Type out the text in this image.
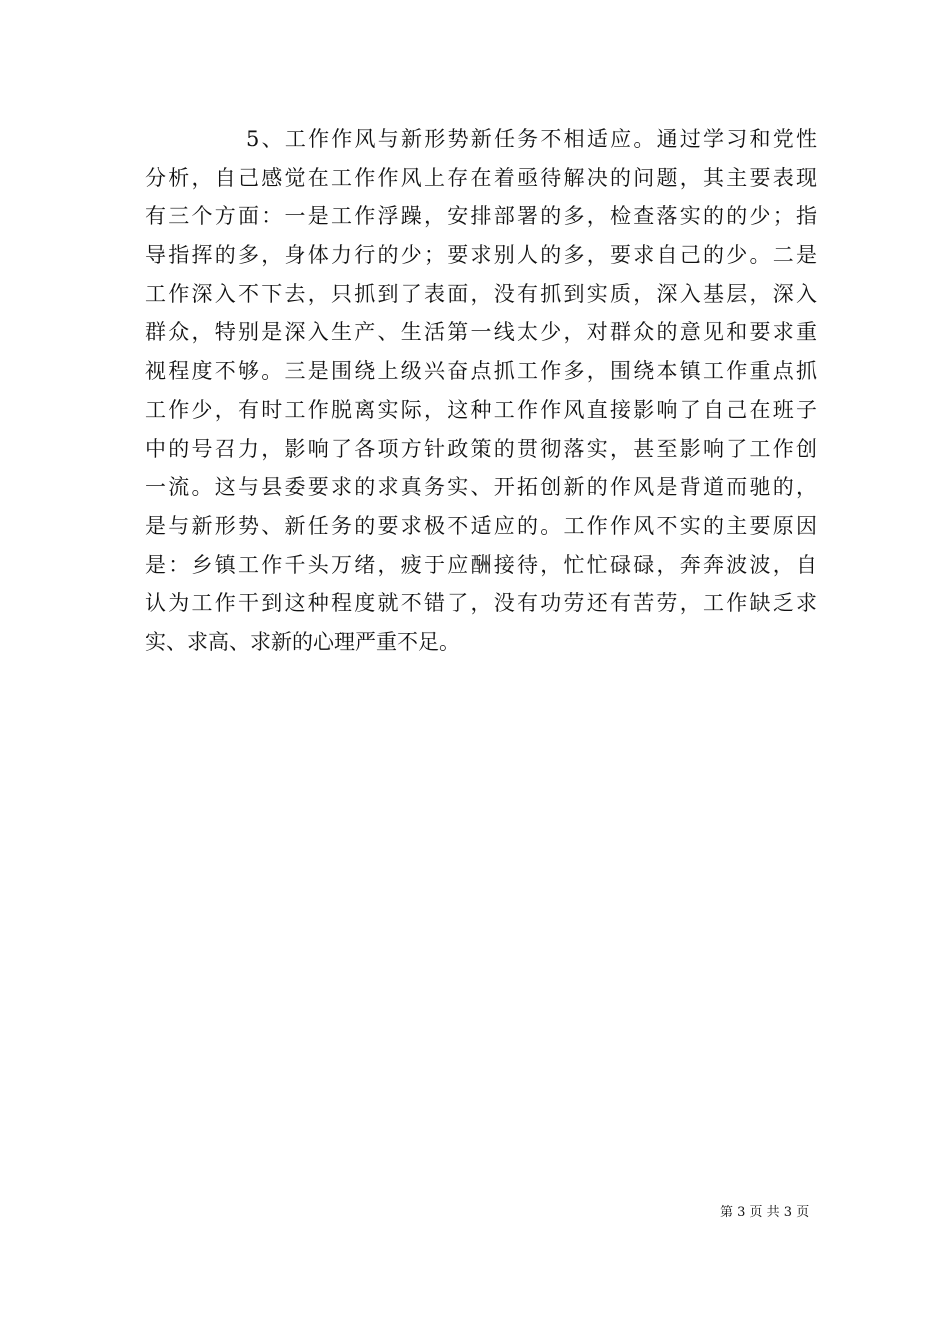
5、工作作风与新形势新任务不相适应。通过学习和党性
分析，自己感觉在工作作风上存在着亟待解决的问题，其主要表现
有三个方面：一是工作浮躁，安排部署的多，检查落实的的少；指
导指挥的多，身体力行的少；要求别人的多，要求自己的少。二是
工作深入不下去，只抓到了表面，没有抓到实质，深入基层，深入
群众，特别是深入生产、生活第一线太少，对群众的意见和要求重
视程度不够。三是围绕上级兴奋点抓工作多，围绕本镇工作重点抓
工作少，有时工作脱离实际，这种工作作风直接影响了自己在班子
中的号召力，影响了各项方针政策的贯彻落实，甚至影响了工作创
一流。这与县委要求的求真务实、开拓创新的作风是背道而驰的，
是与新形势、新任务的要求极不适应的。工作作风不实的主要原因
是：乡镇工作千头万绪，疲于应酬接待，忙忙碌碌，奔奔波波，自
认为工作干到这种程度就不错了，没有功劳还有苦劳，工作缺乏求
实、求高、求新的心理严重不足。
第 3 页 共 3 页
